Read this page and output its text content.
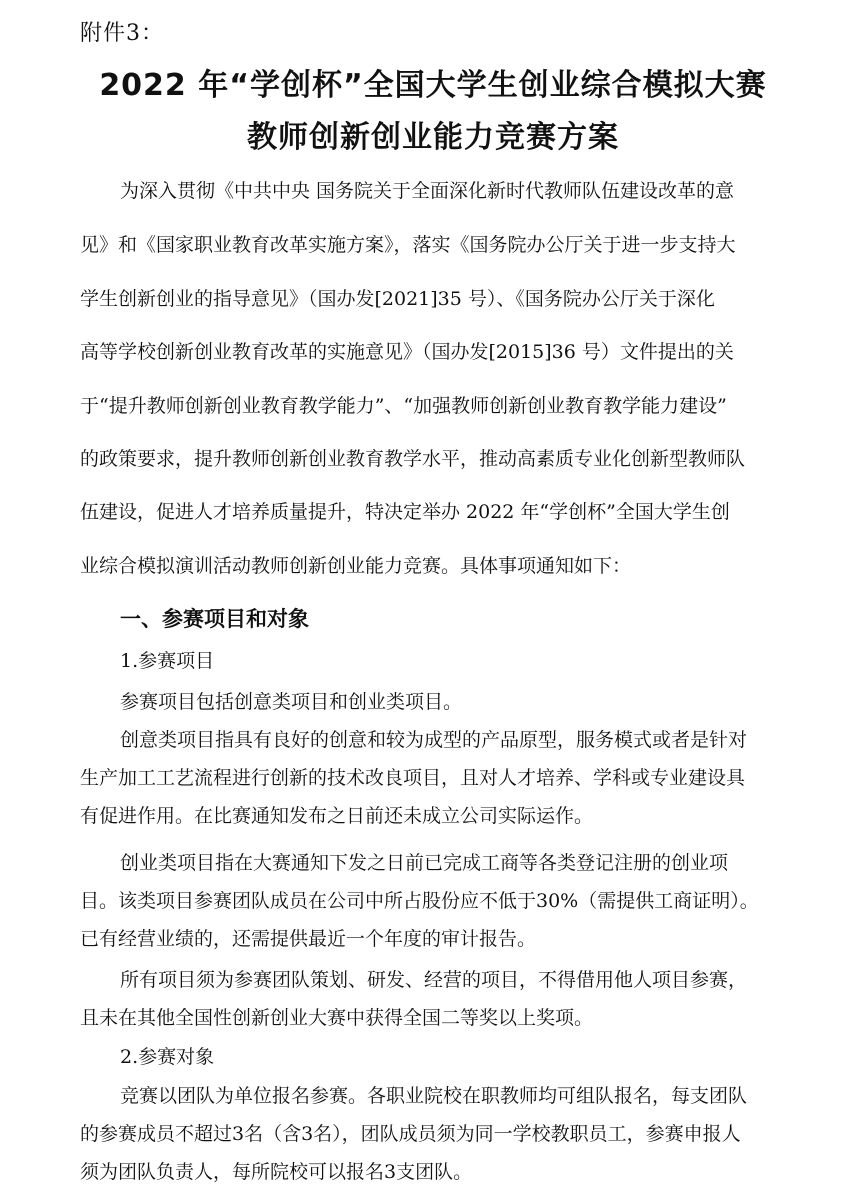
附件3：
2022 年“学创杯”全国大学生创业综合模拟大赛
教师创新创业能力竞赛方案
为深入贯彻《中共中央 国务院关于全面深化新时代教师队伍建设改革的意
见》和《国家职业教育改革实施方案》，落实《国务院办公厅关于进一步支持大
学生创新创业的指导意见》（国办发[2021]35 号）、《国务院办公厅关于深化
高等学校创新创业教育改革的实施意见》（国办发[2015]36 号）文件提出的关
于“提升教师创新创业教育教学能力”、“加强教师创新创业教育教学能力建设”
的政策要求，提升教师创新创业教育教学水平，推动高素质专业化创新型教师队
伍建设，促进人才培养质量提升，特决定举办 2022 年“学创杯”全国大学生创
业综合模拟演训活动教师创新创业能力竞赛。具体事项通知如下：
一、参赛项目和对象
1.参赛项目
参赛项目包括创意类项目和创业类项目。
创意类项目指具有良好的创意和较为成型的产品原型，服务模式或者是针对
生产加工工艺流程进行创新的技术改良项目，且对人才培养、学科或专业建设具
有促进作用。在比赛通知发布之日前还未成立公司实际运作。
创业类项目指在大赛通知下发之日前已完成工商等各类登记注册的创业项
目。该类项目参赛团队成员在公司中所占股份应不低于30%（需提供工商证明）。
已有经营业绩的，还需提供最近一个年度的审计报告。
所有项目须为参赛团队策划、研发、经营的项目，不得借用他人项目参赛，
且未在其他全国性创新创业大赛中获得全国二等奖以上奖项。
2.参赛对象
竞赛以团队为单位报名参赛。各职业院校在职教师均可组队报名，每支团队
的参赛成员不超过3名（含3名），团队成员须为同一学校教职员工，参赛申报人
须为团队负责人，每所院校可以报名3支团队。
